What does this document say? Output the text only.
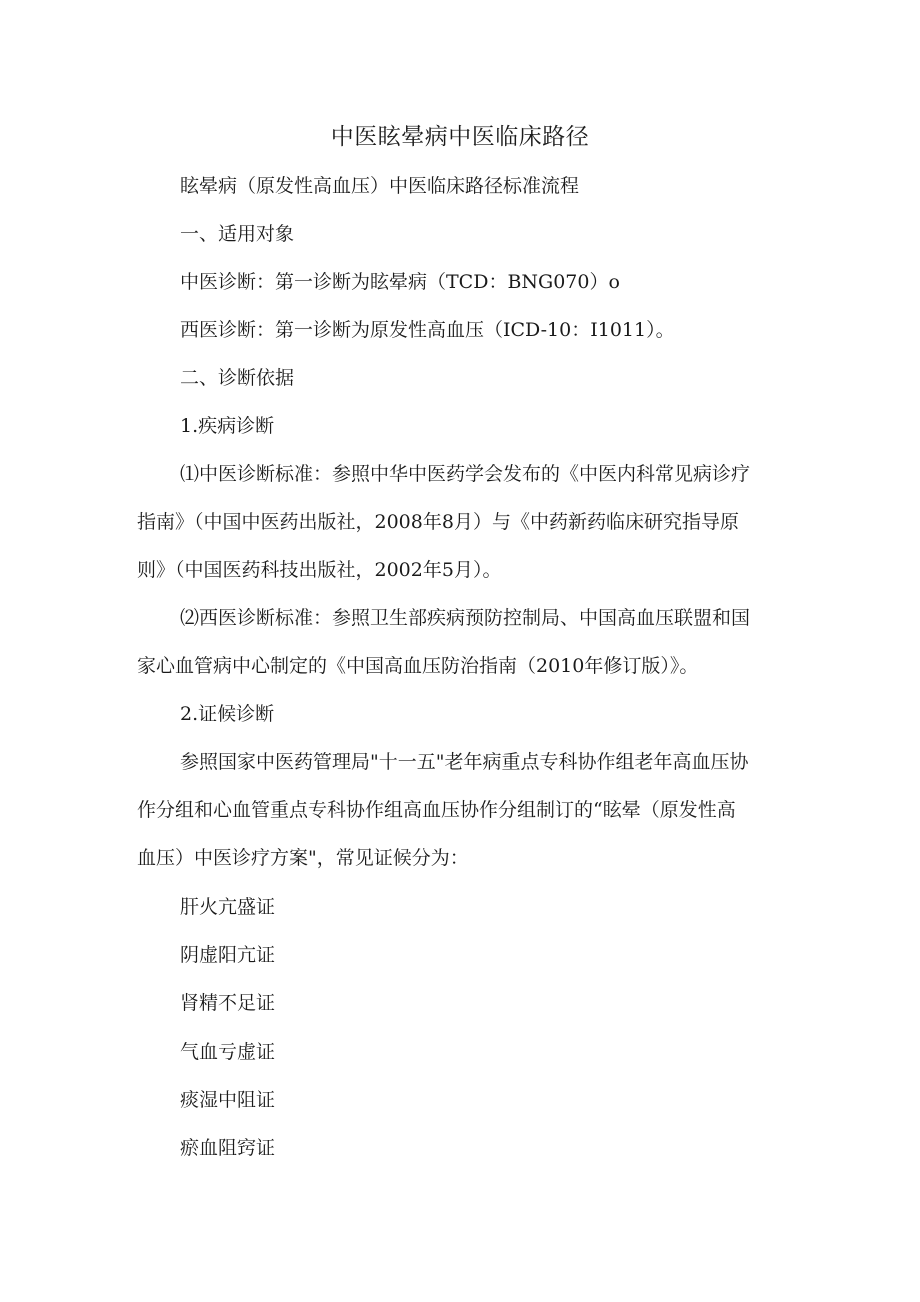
中医眩晕病中医临床路径
眩晕病（原发性高血压）中医临床路径标准流程
一、适用对象
中医诊断：第一诊断为眩晕病（TCD：BNG070）o
西医诊断：第一诊断为原发性高血压（ICD-10：I1011）。
二、诊断依据
1.疾病诊断
⑴中医诊断标准：参照中华中医药学会发布的《中医内科常见病诊疗
指南》（中国中医药出版社，2008年8月）与《中药新药临床研究指导原
则》（中国医药科技出版社，2002年5月）。
⑵西医诊断标准：参照卫生部疾病预防控制局、中国高血压联盟和国
家心血管病中心制定的《中国高血压防治指南（2010年修订版）》。
2.证候诊断
参照国家中医药管理局"十一五"老年病重点专科协作组老年高血压协
作分组和心血管重点专科协作组高血压协作分组制订的“眩晕（原发性高
血压）中医诊疗方案"，常见证候分为：
肝火亢盛证
阴虚阳亢证
肾精不足证
气血亏虚证
痰湿中阻证
瘀血阻窍证
